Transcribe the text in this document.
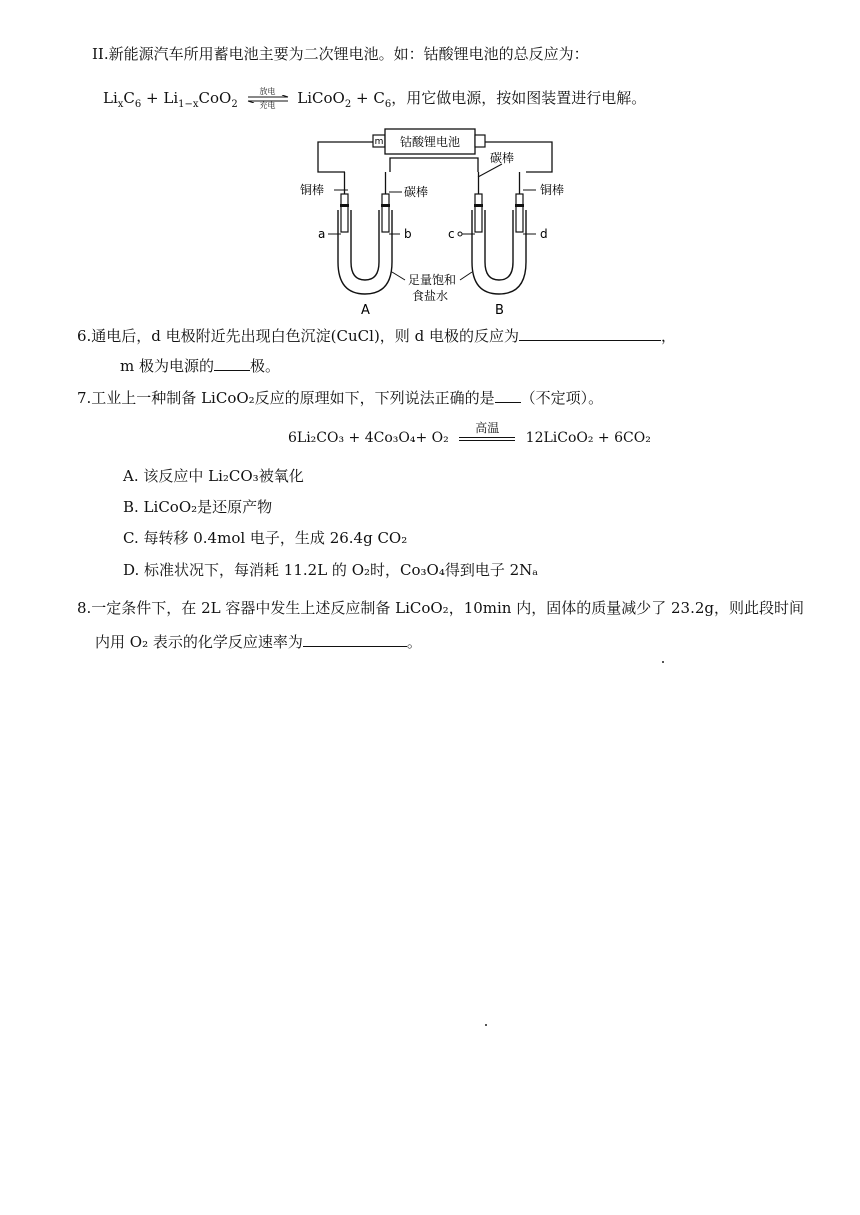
II.新能源汽车所用蓄电池主要为二次锂电池。如：钴酸锂电池的总反应为：
$Li_xC_6 + Li_{1-x}CoO_2$
放电
充电	LiCoO$_2$ + $C_6$，用它做电源，按如图装置进行电解。
m 钴酸锂电池
铜棒	碳棒
碳棒
铜棒
a	b	c	d
足量饱和
食盐水
A	B
6.通电后，d 电极附近先出现白色沉淀(CuCl)，则 d 电极的反应为	，
m 极为电源的 极。
7.工业上一种制备 LiCoO₂反应的原理如下，下列说法正确的是 （不定项）。
6Li₂CO₃ + 4Co₃O₄+ O₂
高温
12LiCoO₂ + 6CO₂
A. 该反应中 Li₂CO₃被氧化
B. LiCoO₂是还原产物
C. 每转移 0.4mol 电子，生成 26.4g CO₂
D. 标准状况下，每消耗 11.2L 的 O₂时，Co₃O₄得到电子 2Nₐ
8.一定条件下，在 2L 容器中发生上述反应制备 LiCoO₂，10min 内，固体的质量减少了 23.2g，则此段时间
内用 O₂ 表示的化学反应速率为	。
